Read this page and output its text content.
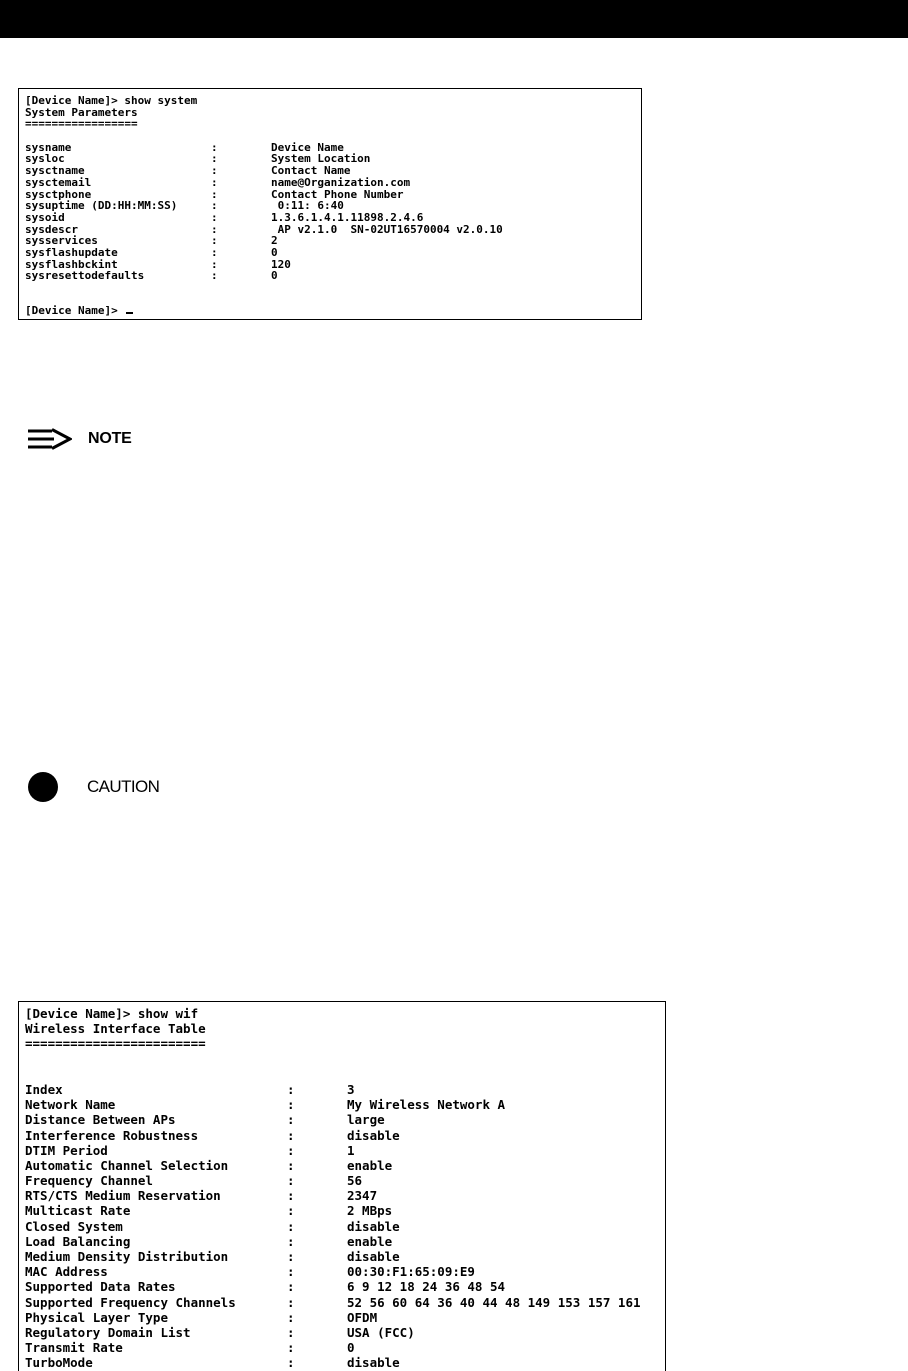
[Device Name]> show system
System Parameters
=================
sysname	:	Device Name
sysloc	:	System Location
sysctname	:	Contact Name
sysctemail	:	name@Organization.com
sysctphone	:	Contact Phone Number
sysuptime (DD:HH:MM:SS)	:	0:11: 6:40
sysoid	:	1.3.6.1.4.1.11898.2.4.6
sysdescr	:	AP v2.1.0  SN-02UT16570004 v2.0.10
sysservices	:	2
sysflashupdate	:	0
sysflashbckint	:	120
sysresettodefaults	:	0
[Device Name]>
NOTE
CAUTION
[Device Name]> show wif
Wireless Interface Table
========================
Index	:	3
Network Name	:	My Wireless Network A
Distance Between APs	:	large
Interference Robustness	:	disable
DTIM Period	:	1
Automatic Channel Selection	:	enable
Frequency Channel	:	56
RTS/CTS Medium Reservation	:	2347
Multicast Rate	:	2 MBps
Closed System	:	disable
Load Balancing	:	enable
Medium Density Distribution	:	disable
MAC Address	:	00:30:F1:65:09:E9
Supported Data Rates	:	6 9 12 18 24 36 48 54
Supported Frequency Channels	:	52 56 60 64 36 40 44 48 149 153 157 161
Physical Layer Type	:	OFDM
Regulatory Domain List	:	USA (FCC)
Transmit Rate	:	0
TurboMode	:	disable
